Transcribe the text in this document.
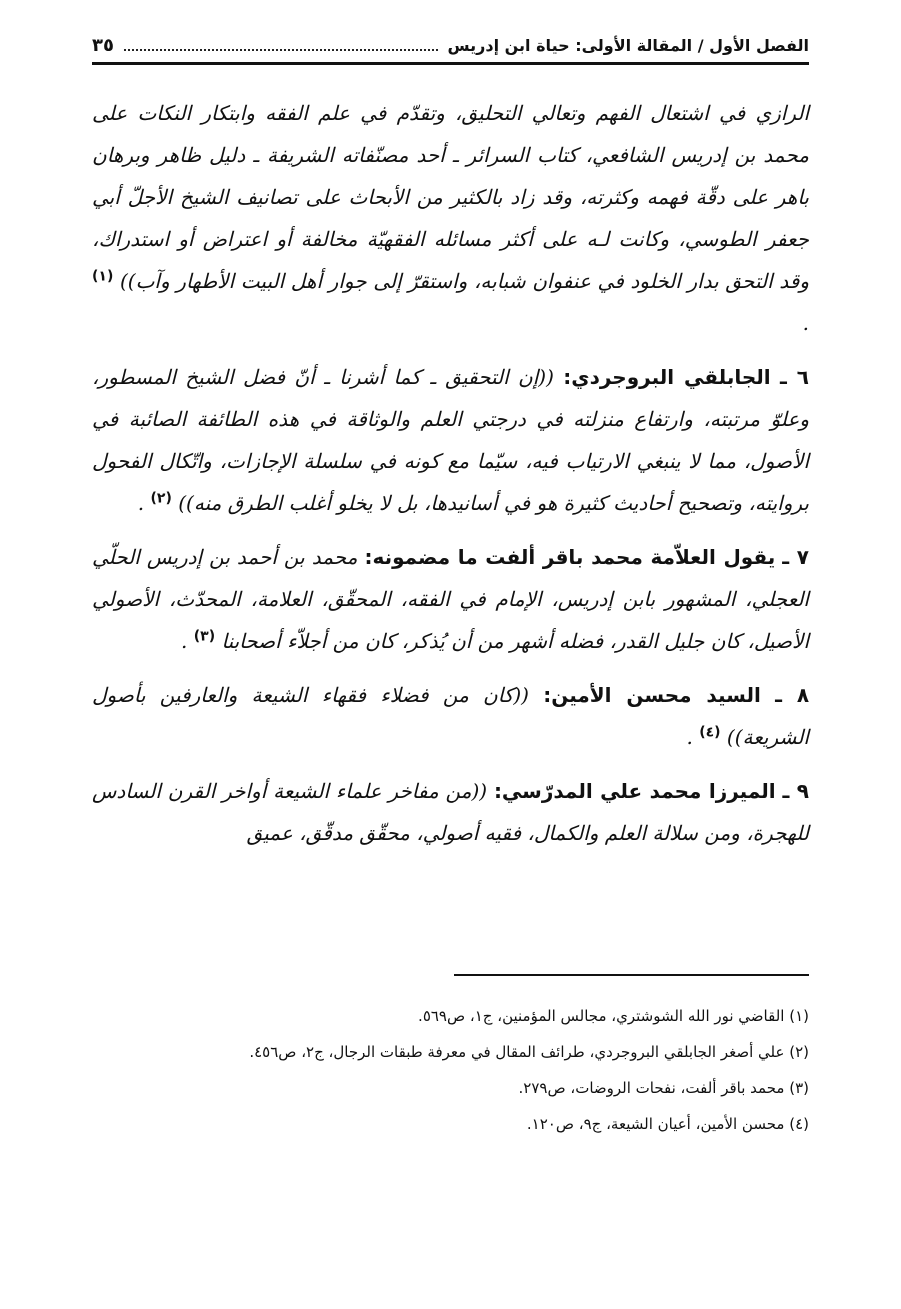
الفصل الأول / المقالة الأولى: حياة ابن إدريس
٣٥

الرازي في اشتعال الفهم وتعالي التحليق، وتقدّم في علم الفقه وابتكار النكات على محمد بن إدريس الشافعي، كتاب السرائر ـ أحد مصنّفاته الشريفة ـ دليل ظاهر وبرهان باهر على دقّة فهمه وكثرته، وقد زاد بالكثير من الأبحاث على تصانيف الشيخ الأجلّ أبي جعفر الطوسي، وكانت لـه على أكثر مسائله الفقهيّة مخالفة أو اعتراض أو استدراك، وقد التحق بدار الخلود في عنفوان شبابه، واستقرّ إلى جوار أهل البيت الأطهار وآب)) $^{(١)}$ .

٦ ـ الجابلقي البروجردي: ((إن التحقيق ـ كما أشرنا ـ أنّ فضل الشيخ المسطور، وعلوّ مرتبته، وارتفاع منزلته في درجتي العلم والوثاقة في هذه الطائفة الصائبة في الأصول، مما لا ينبغي الارتياب فيه، سيّما مع كونه في سلسلة الإجازات، واتّكال الفحول بروايته، وتصحيح أحاديث كثيرة هو في أسانيدها، بل لا يخلو أغلب الطرق منه)) $^{(٢)}$ .

٧ ـ يقول العلاّمة محمد باقر ألفت ما مضمونه: محمد بن أحمد بن إدريس الحلّي العجلي، المشهور بابن إدريس، الإمام في الفقه، المحقّق، العلامة، المحدّث، الأصولي الأصيل، كان جليل القدر، فضله أشهر من أن يُذكر، كان من أجلاّء أصحابنا $^{(٣)}$ .

٨ ـ السيد محسن الأمين: ((كان من فضلاء فقهاء الشيعة والعارفين بأصول الشريعة)) $^{(٤)}$ .

٩ ـ الميرزا محمد علي المدرّسي: ((من مفاخر علماء الشيعة أواخر القرن السادس للهجرة، ومن سلالة العلم والكمال، فقيه أصولي، محقّق مدقّق، عميق

(١) القاضي نور الله الشوشتري، مجالس المؤمنين، ج١، ص٥٦٩.
(٢) علي أصغر الجابلقي البروجردي، طرائف المقال في معرفة طبقات الرجال، ج٢، ص٤٥٦.
(٣) محمد باقر ألفت، نفحات الروضات، ص٢٧٩.
(٤) محسن الأمين، أعيان الشيعة، ج٩، ص١٢٠.
